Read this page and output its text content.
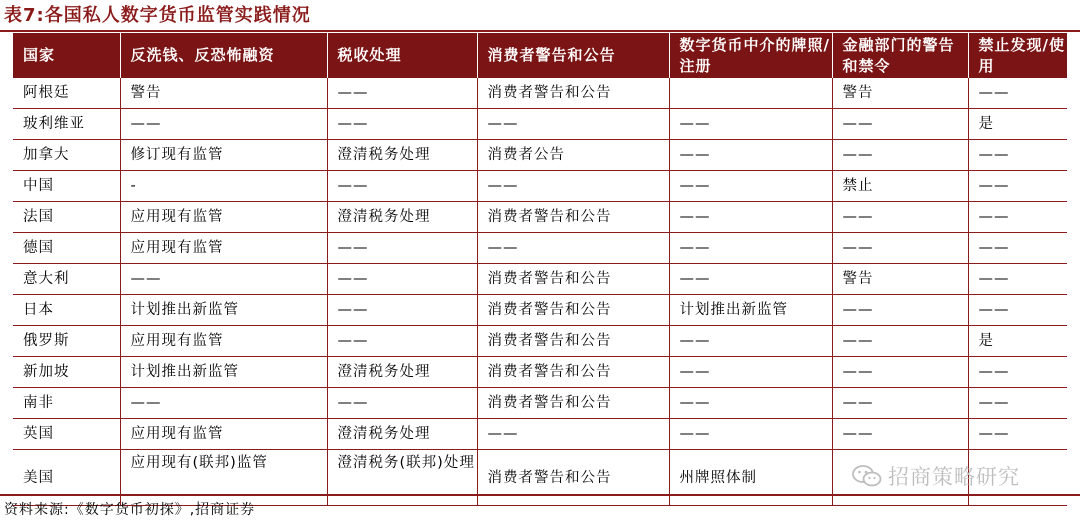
表7:各国私人数字货币监管实践情况
国家	反洗钱、反恐怖融资	税收处理	消费者警告和公告	数字货币中介的牌照/注册	金融部门的警告和禁令	禁止发现/使用
阿根廷	警告	——	消费者警告和公告		警告	——
玻利维亚	——	——	——	——	——	是
加拿大	修订现有监管	澄清税务处理	消费者公告	——	——	——
中国	-	——	——	——	禁止	——
法国	应用现有监管	澄清税务处理	消费者警告和公告	——	——	——
德国	应用现有监管	——	——	——	——	——
意大利	——	——	消费者警告和公告	——	警告	——
日本	计划推出新监管	——	消费者警告和公告	计划推出新监管	——	——
俄罗斯	应用现有监管	——	消费者警告和公告	——	——	是
新加坡	计划推出新监管	澄清税务处理	消费者警告和公告	——	——	——
南非	——	——	消费者警告和公告	——	——	——
英国	应用现有监管	澄清税务处理	——	——	——	——
美国	应用现有(联邦)监管	澄清税务(联邦)处理	消费者警告和公告	州牌照体制			招商策略研究
资料来源:《数字货币初探》,招商证券
